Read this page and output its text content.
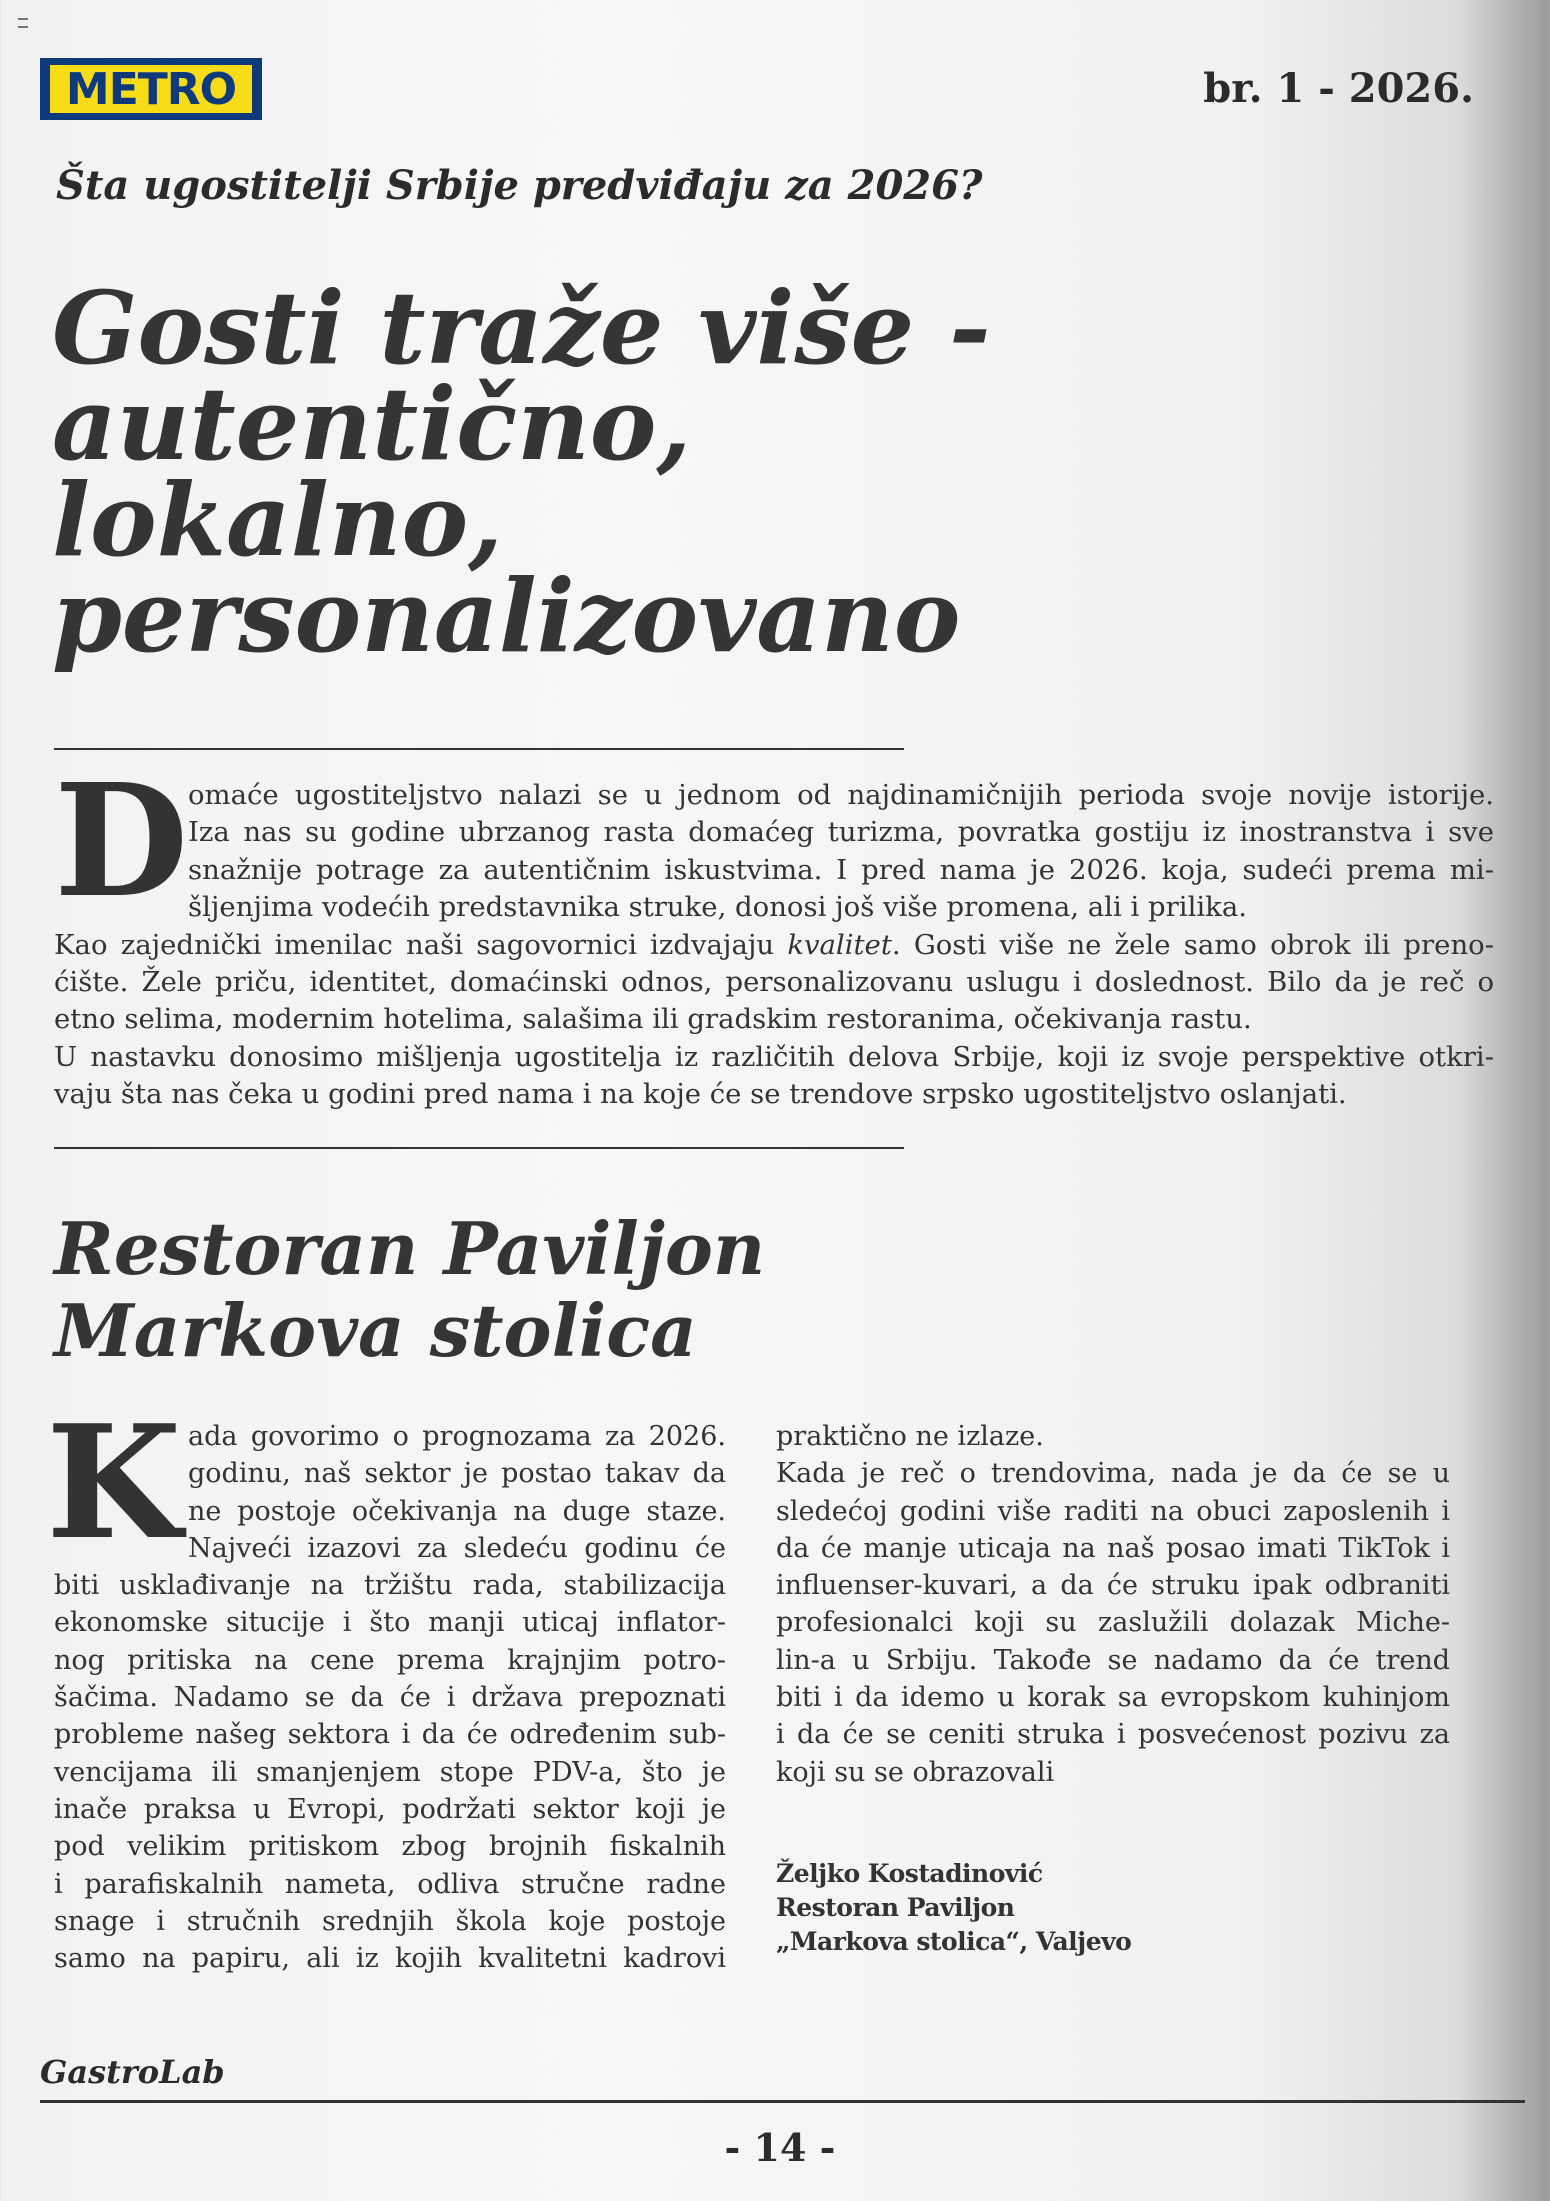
METRO	br. 1 - 2026.
Šta ugostitelji Srbije predviđaju za 2026?
Gosti traže više -
autentično,
lokalno,
personalizovano
D omaće ugostiteljstvo nalazi se u jednom od najdinamičnijih perioda svoje novije istorije.
Iza nas su godine ubrzanog rasta domaćeg turizma, povratka gostiju iz inostranstva i sve
snažnije potrage za autentičnim iskustvima. I pred nama je 2026. koja, sudeći prema mi-
šljenjima vodećih predstavnika struke, donosi još više promena, ali i prilika.
Kao zajednički imenilac naši sagovornici izdvajaju kvalitet. Gosti više ne žele samo obrok ili preno-
ćište. Žele priču, identitet, domaćinski odnos, personalizovanu uslugu i doslednost. Bilo da je reč o
etno selima, modernim hotelima, salašima ili gradskim restoranima, očekivanja rastu.
U nastavku donosimo mišljenja ugostitelja iz različitih delova Srbije, koji iz svoje perspektive otkri-
vaju šta nas čeka u godini pred nama i na koje će se trendove srpsko ugostiteljstvo oslanjati.
Restoran Paviljon
Markova stolica
K ada govorimo o prognozama za 2026.
godinu, naš sektor je postao takav da
ne postoje očekivanja na duge staze.
Najveći izazovi za sledeću godinu će
biti usklađivanje na tržištu rada, stabilizacija
ekonomske situcije i što manji uticaj inflator-
nog pritiska na cene prema krajnjim potro-
šačima. Nadamo se da će i država prepoznati
probleme našeg sektora i da će određenim sub-
vencijama ili smanjenjem stope PDV-a, što je
inače praksa u Evropi, podržati sektor koji je
pod velikim pritiskom zbog brojnih fiskalnih
i parafiskalnih nameta, odliva stručne radne
snage i stručnih srednjih škola koje postoje
samo na papiru, ali iz kojih kvalitetni kadrovi
praktično ne izlaze.
Kada je reč o trendovima, nada je da će se u
sledećoj godini više raditi na obuci zaposlenih i
da će manje uticaja na naš posao imati TikTok i
influenser-kuvari, a da će struku ipak odbraniti
profesionalci koji su zaslužili dolazak Miche-
lin-a u Srbiju. Takođe se nadamo da će trend
biti i da idemo u korak sa evropskom kuhinjom
i da će se ceniti struka i posvećenost pozivu za
koji su se obrazovali
Željko Kostadinović
Restoran Paviljon
„Markova stolica“, Valjevo
GastroLab
- 14 -
